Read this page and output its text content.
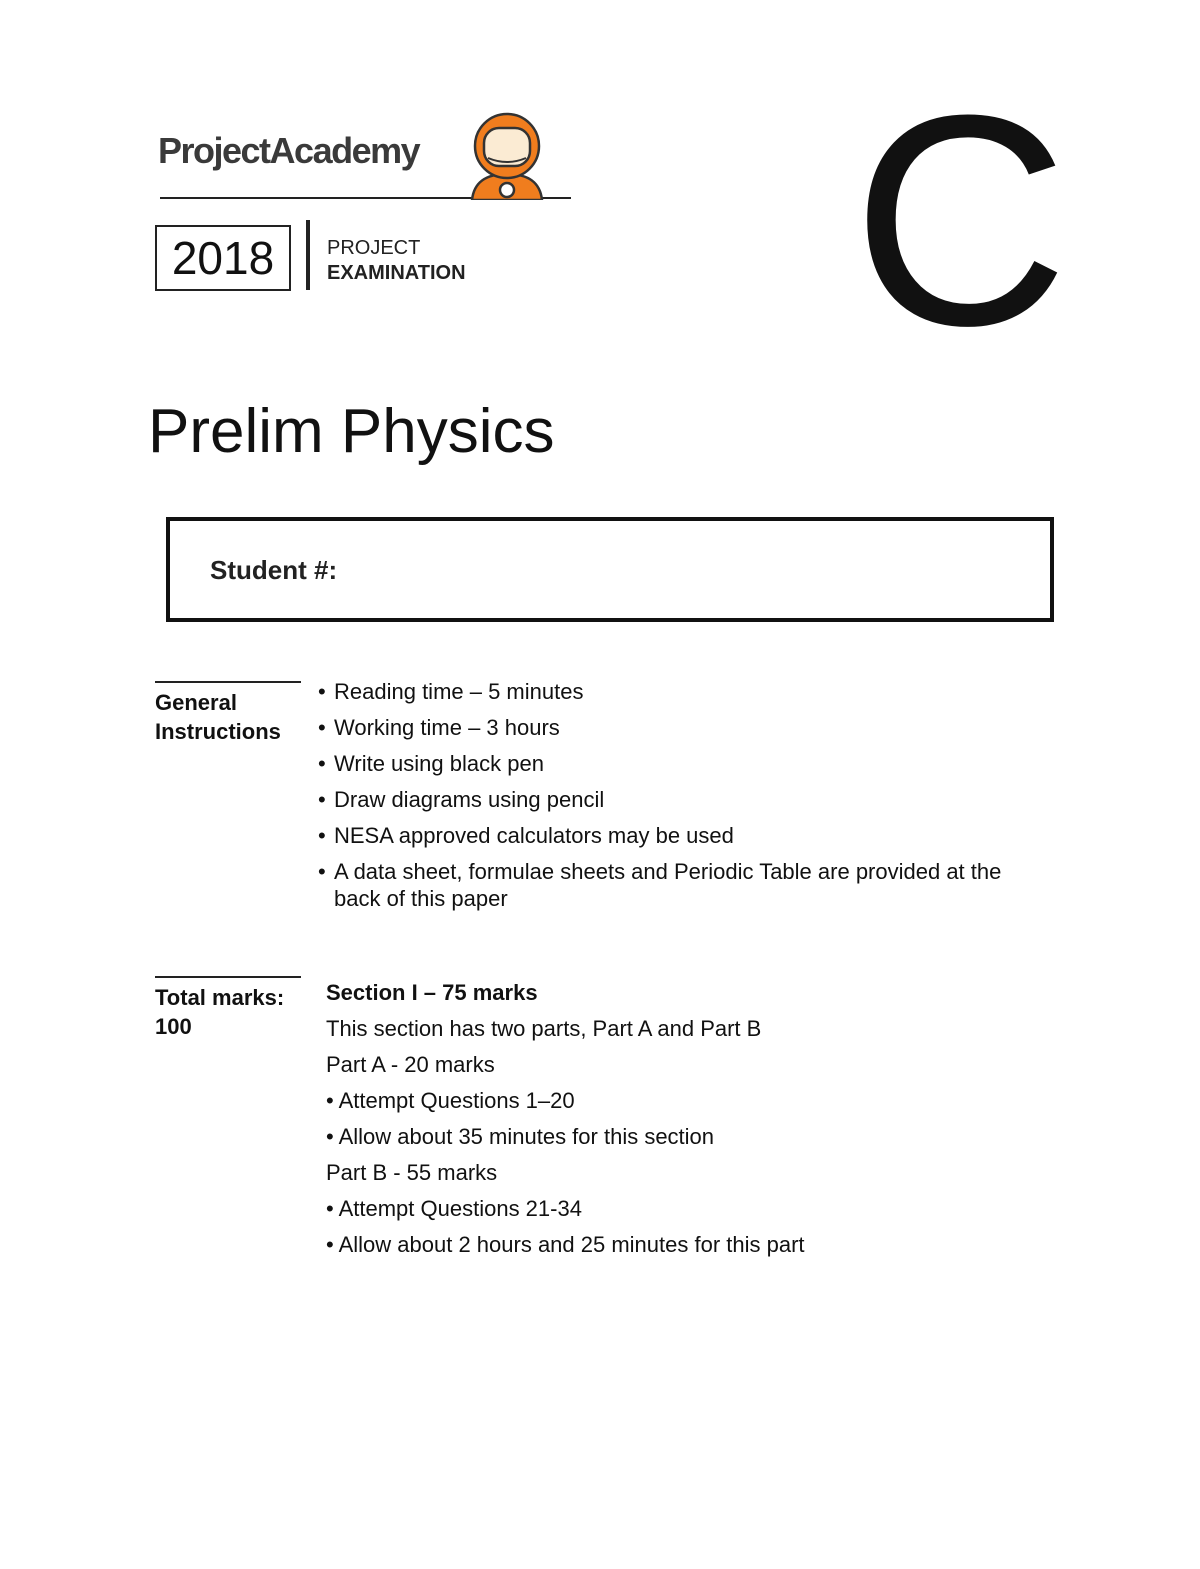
ProjectAcademy
2018	PROJECT
EXAMINATION C
Prelim Physics
Student #:
General
Instructions
• Reading time – 5 minutes
• Working time – 3 hours
• Write using black pen
• Draw diagrams using pencil
• NESA approved calculators may be used
• A data sheet, formulae sheets and Periodic Table are provided at the back of this paper
Total marks:
100
Section I – 75 marks
This section has two parts, Part A and Part B
Part A - 20 marks
• Attempt Questions 1–20
• Allow about 35 minutes for this section
Part B - 55 marks
• Attempt Questions 21-34
• Allow about 2 hours and 25 minutes for this part
